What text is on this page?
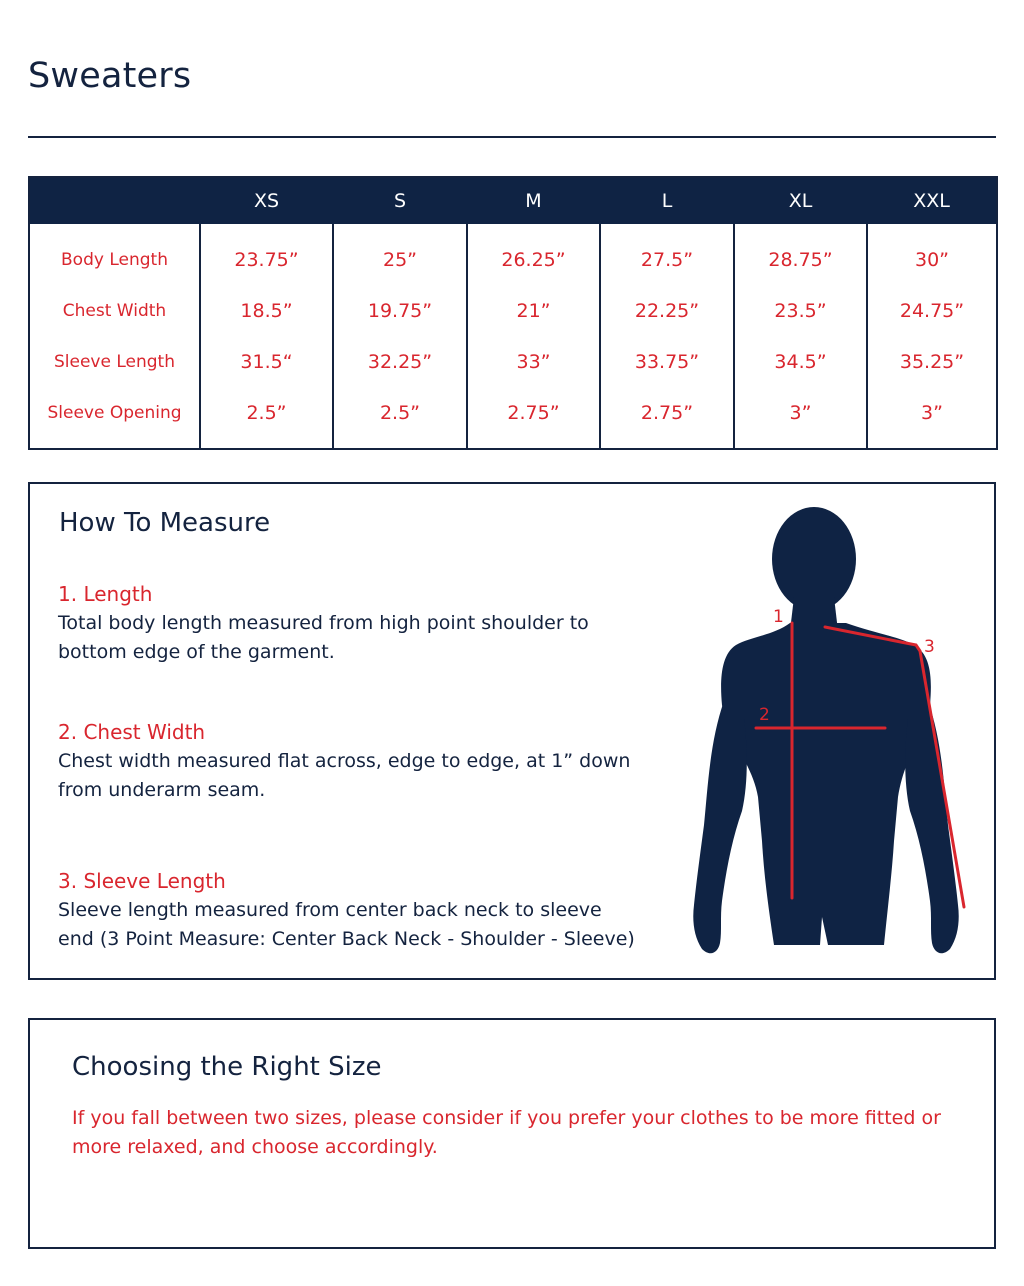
Sweaters
	XS	S	M	L	XL	XXL
Body Length	23.75”	25”	26.25”	27.5”	28.75”	30”
Chest Width	18.5”	19.75”	21”	22.25”	23.5”	24.75”
Sleeve Length	31.5“	32.25”	33”	33.75”	34.5”	35.25”
Sleeve Opening	2.5”	2.5”	2.75”	2.75”	3”	3”
How To Measure
1. Length
Total body length measured from high point shoulder to
bottom edge of the garment.
2. Chest Width
Chest width measured flat across, edge to edge, at 1” down
from underarm seam.
3. Sleeve Length
Sleeve length measured from center back neck to sleeve
end (3 Point Measure: Center Back Neck - Shoulder - Sleeve)
1
2
3
Choosing the Right Size
If you fall between two sizes, please consider if you prefer your clothes to be more fitted or
more relaxed, and choose accordingly.
